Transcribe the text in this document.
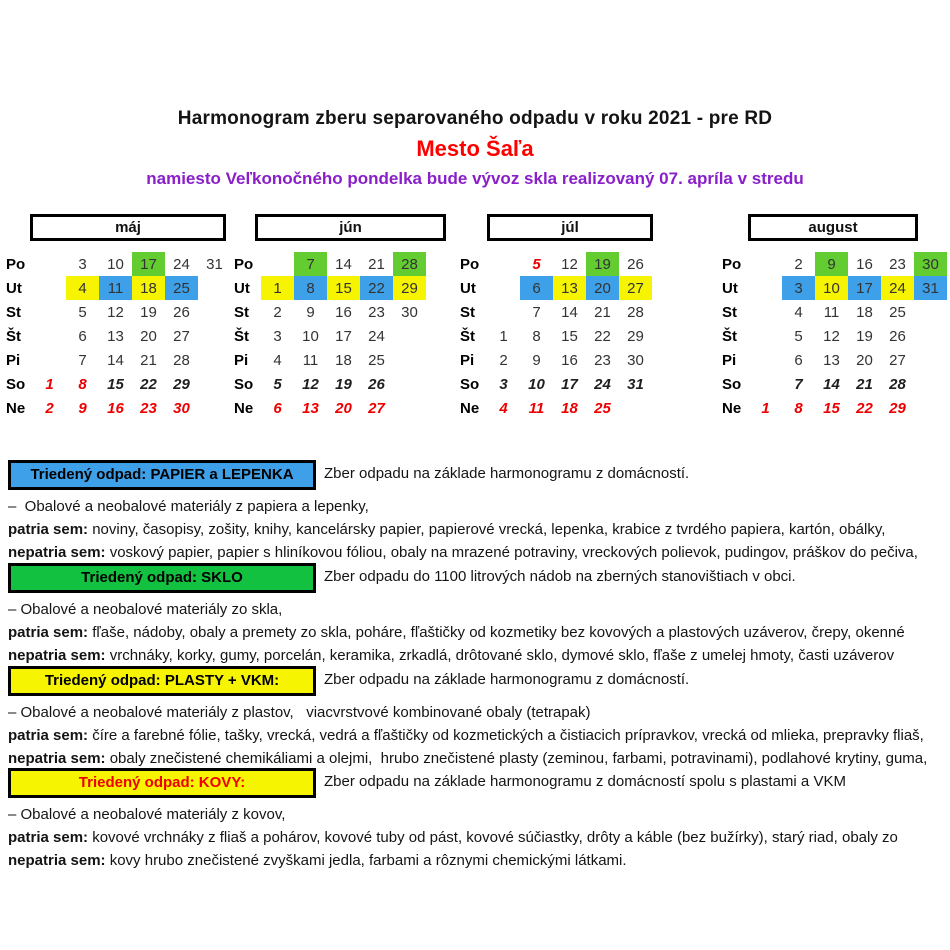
Harmonogram zberu separovaného odpadu v roku 2021 - pre RD
Mesto Šaľa
namiesto Veľkonočného pondelka bude vývoz skla realizovaný 07. apríla v stredu
máj
Po		3	10	17	24	31
Ut		4	11	18	25	
St		5	12	19	26	
Št		6	13	20	27	
Pi		7	14	21	28	
So	1	8	15	22	29	
Ne	2	9	16	23	30	
jún
Po		7	14	21	28
Ut	1	8	15	22	29
St	2	9	16	23	30
Št	3	10	17	24	
Pi	4	11	18	25	
So	5	12	19	26	
Ne	6	13	20	27	
júl
Po		5	12	19	26
Ut		6	13	20	27
St		7	14	21	28
Št	1	8	15	22	29
Pi	2	9	16	23	30
So	3	10	17	24	31
Ne	4	11	18	25	
august
Po		2	9	16	23	30
Ut		3	10	17	24	31
St		4	11	18	25	
Št		5	12	19	26	
Pi		6	13	20	27	
So		7	14	21	28	
Ne	1	8	15	22	29	
Triedený odpad: PAPIER a LEPENKA	Zber odpadu na základe harmonogramu z domácností.
–  Obalové a neobalové materiály z papiera a lepenky,
patria sem: noviny, časopisy, zošity, knihy, kancelársky papier, papierové vrecká, lepenka, krabice z tvrdého papiera, kartón, obálky,
nepatria sem: voskový papier, papier s hliníkovou fóliou, obaly na mrazené potraviny, vreckových polievok, pudingov, práškov do pečiva,
Triedený odpad: SKLO	Zber odpadu do 1100 litrových nádob na zberných stanovištiach v obci.
– Obalové a neobalové materiály zo skla,
patria sem: fľaše, nádoby, obaly a premety zo skla, poháre, fľaštičky od kozmetiky bez kovových a plastových uzáverov, črepy, okenné
nepatria sem: vrchnáky, korky, gumy, porcelán, keramika, zrkadlá, drôtované sklo, dymové sklo, fľaše z umelej hmoty, časti uzáverov
Triedený odpad: PLASTY + VKM:	Zber odpadu na základe harmonogramu z domácností.
– Obalové a neobalové materiály z plastov,   viacvrstvové kombinované obaly (tetrapak)
patria sem: číre a farebné fólie, tašky, vrecká, vedrá a fľaštičky od kozmetických a čistiacich prípravkov, vrecká od mlieka, prepravky fliaš,
nepatria sem: obaly znečistené chemikáliami a olejmi,  hrubo znečistené plasty (zeminou, farbami, potravinami), podlahové krytiny, guma,
Triedený odpad: KOVY:	Zber odpadu na základe harmonogramu z domácností spolu s plastami a VKM
– Obalové a neobalové materiály z kovov,
patria sem: kovové vrchnáky z fliaš a pohárov, kovové tuby od pást, kovové súčiastky, drôty a káble (bez bužírky), starý riad, obaly zo
nepatria sem: kovy hrubo znečistené zvyškami jedla, farbami a rôznymi chemickými látkami.
